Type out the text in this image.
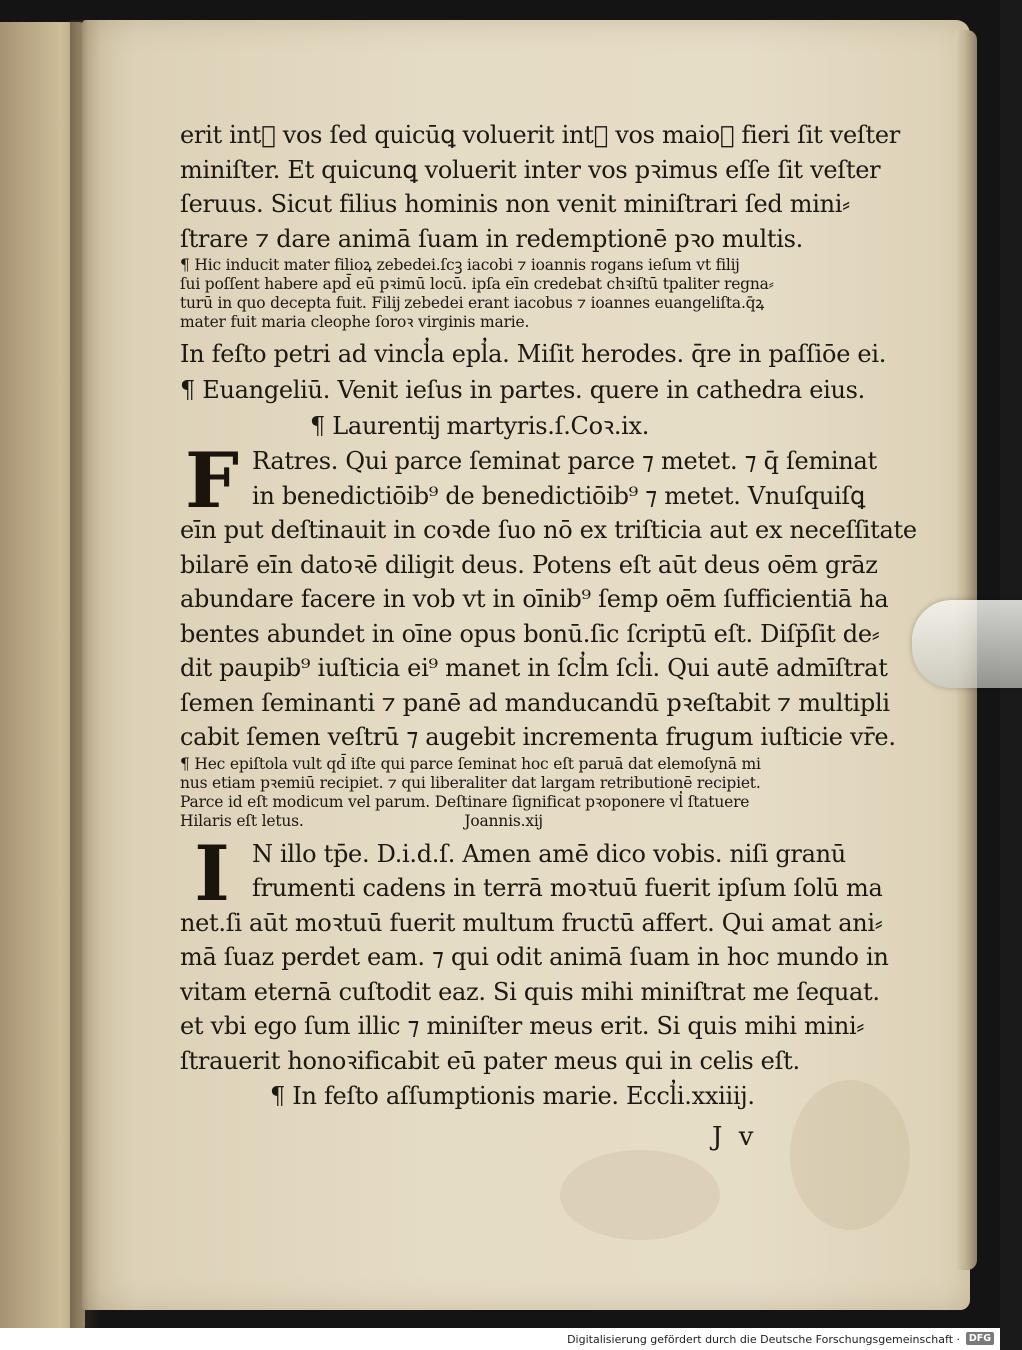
erit int᷑ vos ſed quicūꝗ voluerit int᷑ vos maioꝛ fieri ſit veſter
miniſter. Et quicunꝗ voluerit inter vos pꝛimus eſſe ſit veſter
ſeruus. Sicut filius hominis non venit miniſtrari ſed mini⸗
ſtrare ⁊ dare animā ſuam in redemptionē pꝛo multis.
¶ Hic inducit mater filioꝝ zebedei.ſcꝫ iacobi ⁊ ioannis rogans ieſum vt filĳ
ſui poſſent habere apd̄ eū pꝛimū locū. ipſa eīn credebat chꝛiſtū tpaliter regna⸗
turū in quo decepta fuit. Filĳ zebedei erant iacobus ⁊ ioannes euangeliſta.q̄ꝝ
mater fuit maria cleophe ſoroꝛ virginis marie.
In feſto petri ad vincl̓a epl̓a. Miſit herodes. q̄re in paſſiōe ei.
¶ Euangeliū. Venit ieſus in partes. quere in cathedra eius.
¶ Laurentĳ martyris.ſ.Coꝛ.ix.
F Ratres. Qui parce ſeminat parce ⁊ metet. ⁊ q̄ ſeminat
in benedictiōib⁹ de benedictiōib⁹ ⁊ metet. Vnuſquiſꝗ
eīn put deſtinauit in coꝛde ſuo nō ex triſticia aut ex neceſſitate
bilarē eīn datoꝛē diligit deus. Potens eſt aūt deus oēm grāz
abundare facere in vob vt in oīnib⁹ ſemp oēm ſufficientiā ha
bentes abundet in oīne opus bonū.ſic ſcriptū eſt. Diſp̄ſit de⸗
dit paupib⁹ iuſticia ei⁹ manet in ſcl̓m ſcl̓i. Qui autē admīſtrat
ſemen ſeminanti ⁊ panē ad manducandū pꝛeſtabit ⁊ multipli
cabit ſemen veſtrū ⁊ augebit incrementa frugum iuſticie vr̄e.
¶ Hec epiſtola vult qd̄ iſte qui parce ſeminat hoc eſt paruā dat elemoſynā mi
nus etiam pꝛemiū recipiet. ⁊ qui liberaliter dat largam retributionē recipiet.
Parce id eſt modicum vel parum. Deſtinare ſignificat pꝛoponere vl̓ ſtatuere
Hilaris eſt letus.                                  Joannis.xĳ
I N illo tp̄e. D.i.d.ſ. Amen amē dico vobis. niſi granū
frumenti cadens in terrā moꝛtuū fuerit ipſum ſolū ma
net.ſi aūt moꝛtuū fuerit multum fructū affert. Qui amat ani⸗
mā ſuaz perdet eam. ⁊ qui odit animā ſuam in hoc mundo in
vitam eternā cuſtodit eaz. Si quis mihi miniſtrat me ſequat.
et vbi ego ſum illic ⁊ miniſter meus erit. Si quis mihi mini⸗
ſtrauerit honoꝛificabit eū pater meus qui in celis eſt.
¶ In feſto aſſumptionis marie. Eccl̓i.xxiiij.
J v
Digitalisierung gefördert durch die Deutsche Forschungsgemeinschaft · DFG
